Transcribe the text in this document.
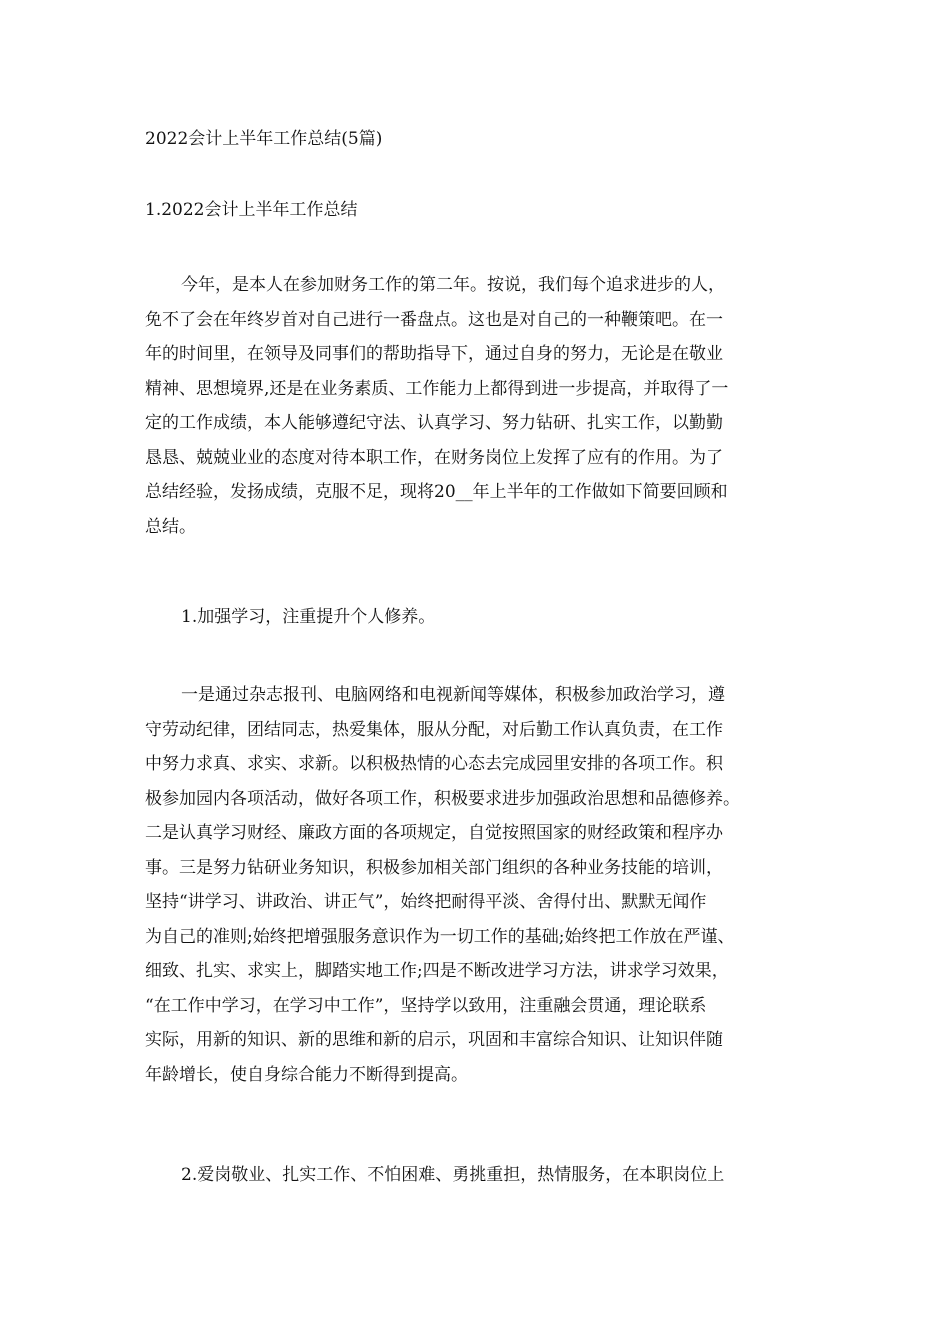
2022会计上半年工作总结(5篇)
1.2022会计上半年工作总结

今年，是本人在参加财务工作的第二年。按说，我们每个追求进步的人，
免不了会在年终岁首对自己进行一番盘点。这也是对自己的一种鞭策吧。在一
年的时间里，在领导及同事们的帮助指导下，通过自身的努力，无论是在敬业
精神、思想境界,还是在业务素质、工作能力上都得到进一步提高，并取得了一
定的工作成绩，本人能够遵纪守法、认真学习、努力钻研、扎实工作，以勤勤
恳恳、兢兢业业的态度对待本职工作，在财务岗位上发挥了应有的作用。为了
总结经验，发扬成绩，克服不足，现将20__年上半年的工作做如下简要回顾和
总结。

1.加强学习，注重提升个人修养。

一是通过杂志报刊、电脑网络和电视新闻等媒体，积极参加政治学习，遵
守劳动纪律，团结同志，热爱集体，服从分配，对后勤工作认真负责，在工作
中努力求真、求实、求新。以积极热情的心态去完成园里安排的各项工作。积
极参加园内各项活动，做好各项工作，积极要求进步加强政治思想和品德修养。
二是认真学习财经、廉政方面的各项规定，自觉按照国家的财经政策和程序办
事。三是努力钻研业务知识，积极参加相关部门组织的各种业务技能的培训，
坚持“讲学习、讲政治、讲正气”，始终把耐得平淡、舍得付出、默默无闻作
为自己的准则;始终把增强服务意识作为一切工作的基础;始终把工作放在严谨、
细致、扎实、求实上，脚踏实地工作;四是不断改进学习方法，讲求学习效果，
“在工作中学习，在学习中工作”，坚持学以致用，注重融会贯通，理论联系
实际，用新的知识、新的思维和新的启示，巩固和丰富综合知识、让知识伴随
年龄增长，使自身综合能力不断得到提高。

2.爱岗敬业、扎实工作、不怕困难、勇挑重担，热情服务，在本职岗位上
